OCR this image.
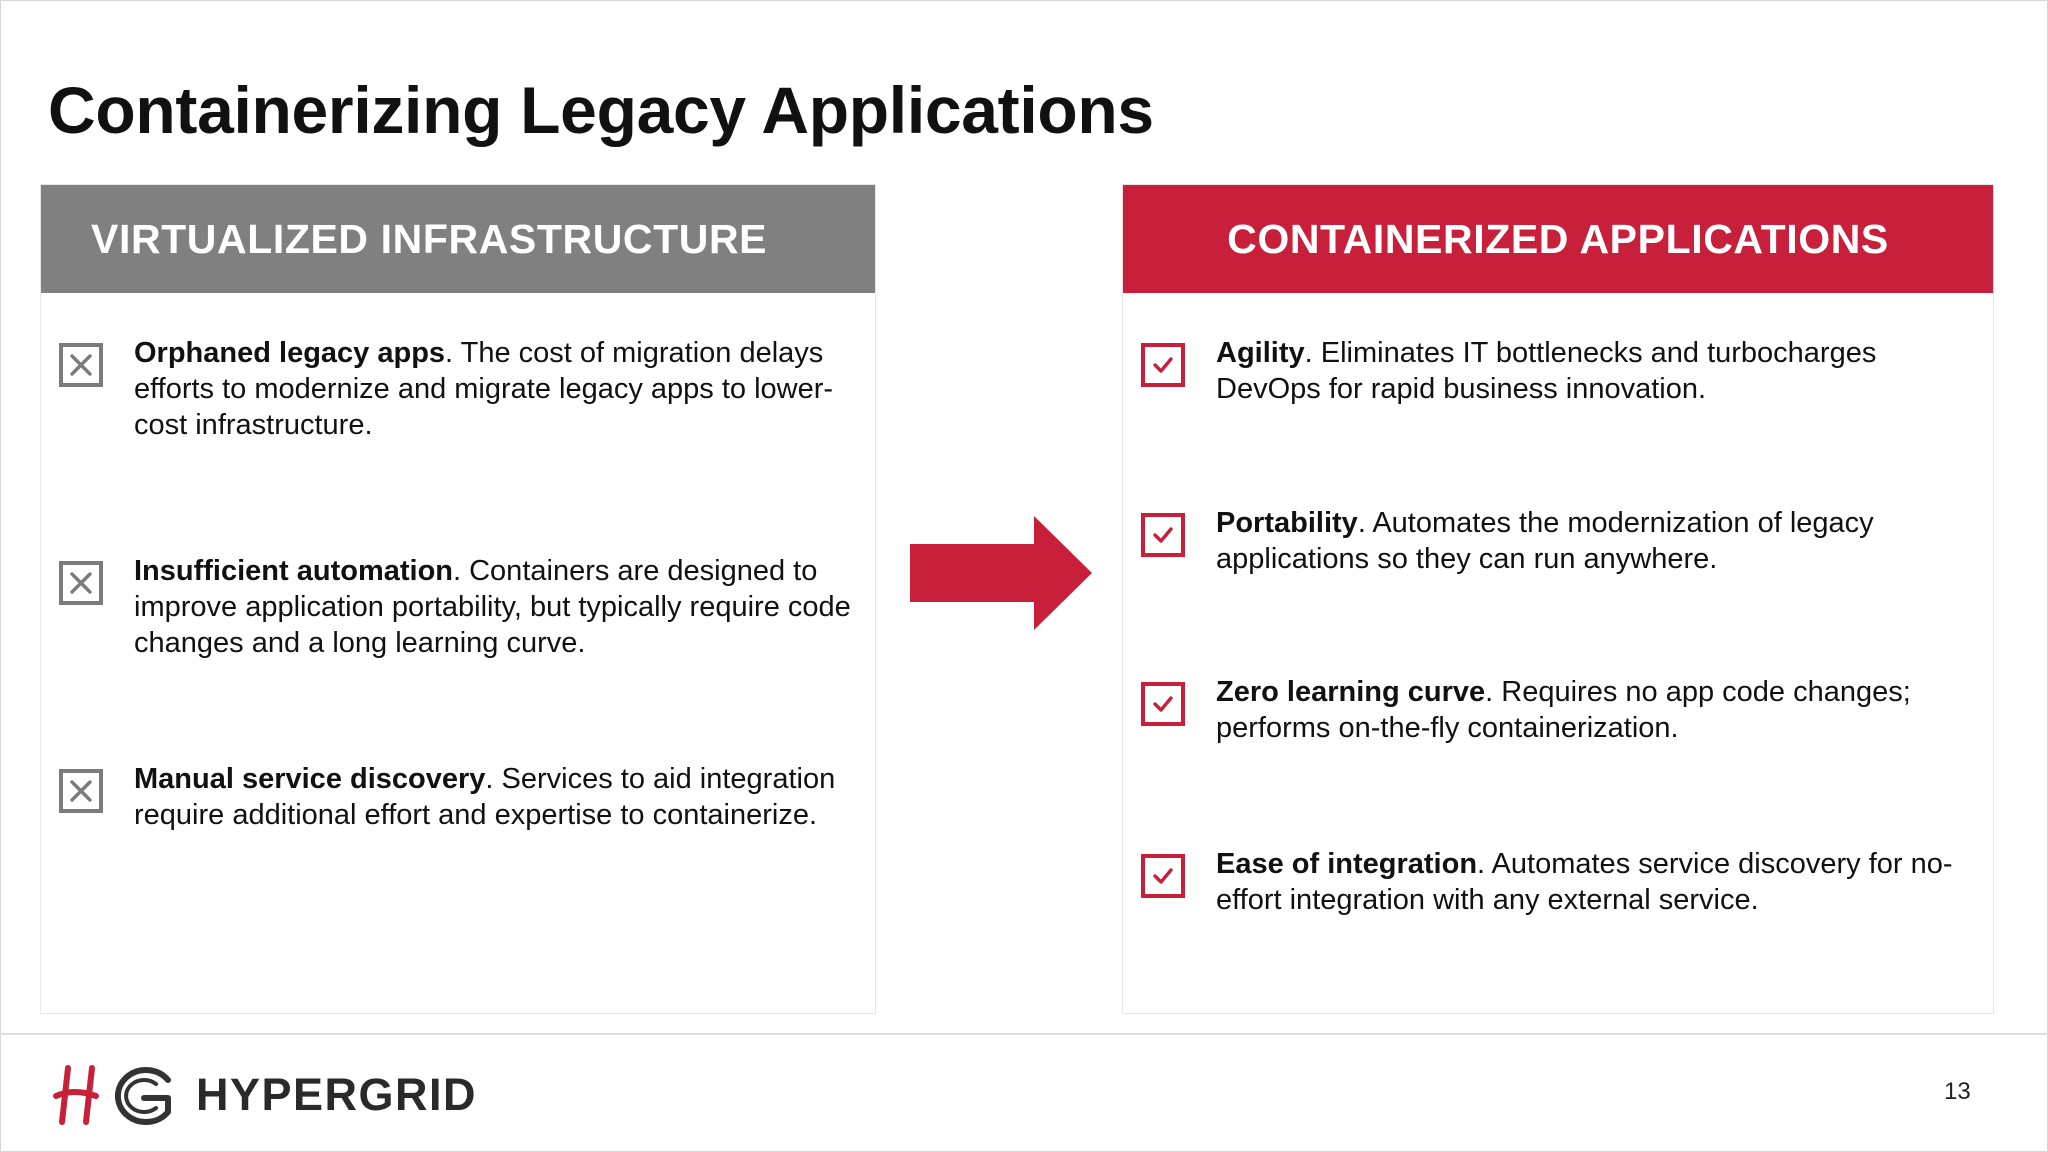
Containerizing Legacy Applications
VIRTUALIZED INFRASTRUCTURE
Orphaned legacy apps. The cost of migration delays efforts to modernize and migrate legacy apps to lower-cost infrastructure.
Insufficient automation. Containers are designed to improve application portability, but typically require code changes and a long learning curve.
Manual service discovery. Services to aid integration require additional effort and expertise to containerize.
CONTAINERIZED APPLICATIONS
Agility. Eliminates IT bottlenecks and turbocharges DevOps for rapid business innovation.
Portability. Automates the modernization of legacy applications so they can run anywhere.
Zero learning curve. Requires no app code changes; performs on-the-fly containerization.
Ease of integration. Automates service discovery for no-effort integration with any external service.
HYPERGRID	13
